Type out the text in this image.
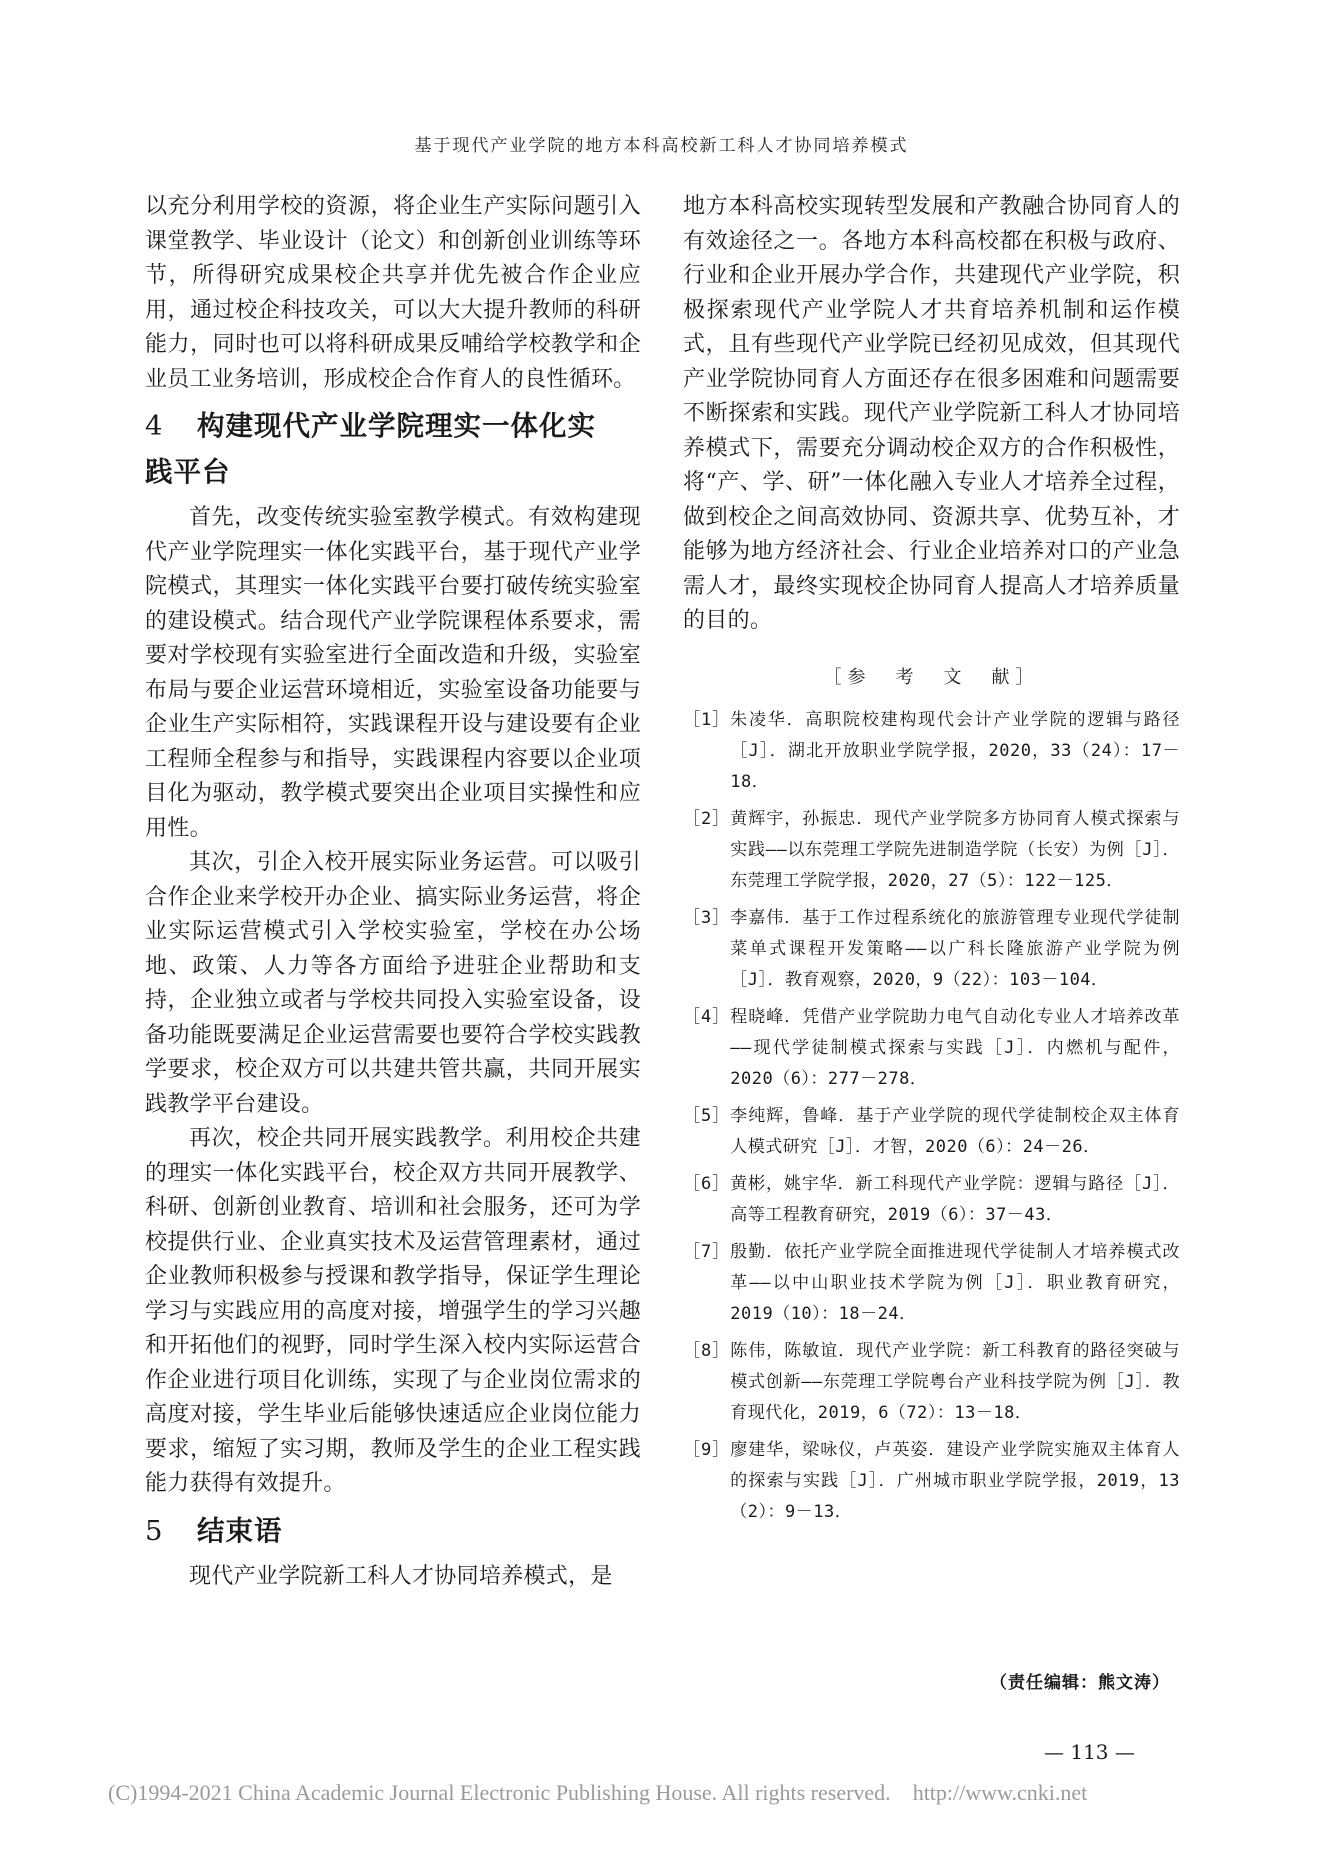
基于现代产业学院的地方本科高校新工科人才协同培养模式

以充分利用学校的资源，将企业生产实际问题引入课堂教学、毕业设计（论文）和创新创业训练等环节，所得研究成果校企共享并优先被合作企业应用，通过校企科技攻关，可以大大提升教师的科研能力，同时也可以将科研成果反哺给学校教学和企业员工业务培训，形成校企合作育人的良性循环。

4 构建现代产业学院理实一体化实
践平台

首先，改变传统实验室教学模式。有效构建现代产业学院理实一体化实践平台，基于现代产业学院模式，其理实一体化实践平台要打破传统实验室的建设模式。结合现代产业学院课程体系要求，需要对学校现有实验室进行全面改造和升级，实验室布局与要企业运营环境相近，实验室设备功能要与企业生产实际相符，实践课程开设与建设要有企业工程师全程参与和指导，实践课程内容要以企业项目化为驱动，教学模式要突出企业项目实操性和应用性。

其次，引企入校开展实际业务运营。可以吸引合作企业来学校开办企业、搞实际业务运营，将企业实际运营模式引入学校实验室，学校在办公场地、政策、人力等各方面给予进驻企业帮助和支持，企业独立或者与学校共同投入实验室设备，设备功能既要满足企业运营需要也要符合学校实践教学要求，校企双方可以共建共管共赢，共同开展实践教学平台建设。

再次，校企共同开展实践教学。利用校企共建的理实一体化实践平台，校企双方共同开展教学、科研、创新创业教育、培训和社会服务，还可为学校提供行业、企业真实技术及运营管理素材，通过企业教师积极参与授课和教学指导，保证学生理论学习与实践应用的高度对接，增强学生的学习兴趣和开拓他们的视野，同时学生深入校内实际运营合作企业进行项目化训练，实现了与企业岗位需求的高度对接，学生毕业后能够快速适应企业岗位能力要求，缩短了实习期，教师及学生的企业工程实践能力获得有效提升。

5 结束语

现代产业学院新工科人才协同培养模式，是

地方本科高校实现转型发展和产教融合协同育人的有效途径之一。各地方本科高校都在积极与政府、行业和企业开展办学合作，共建现代产业学院，积极探索现代产业学院人才共育培养机制和运作模式，且有些现代产业学院已经初见成效，但其现代产业学院协同育人方面还存在很多困难和问题需要不断探索和实践。现代产业学院新工科人才协同培养模式下，需要充分调动校企双方的合作积极性，将“产、学、研”一体化融入专业人才培养全过程，做到校企之间高效协同、资源共享、优势互补，才能够为地方经济社会、行业企业培养对口的产业急需人才，最终实现校企协同育人提高人才培养质量的目的。

［参　考　文　献］
［1］ 朱凌华．高职院校建构现代会计产业学院的逻辑与路径［J］．湖北开放职业学院学报，2020，33（24）：17－18．
［2］ 黄辉宇，孙振忠．现代产业学院多方协同育人模式探索与实践——以东莞理工学院先进制造学院（长安）为例［J］．东莞理工学院学报，2020，27（5）：122－125．
［3］ 李嘉伟．基于工作过程系统化的旅游管理专业现代学徒制菜单式课程开发策略——以广科长隆旅游产业学院为例［J］．教育观察，2020，9（22）：103－104．
［4］ 程晓峰．凭借产业学院助力电气自动化专业人才培养改革——现代学徒制模式探索与实践［J］．内燃机与配件，2020（6）：277－278．
［5］ 李纯辉，鲁峰．基于产业学院的现代学徒制校企双主体育人模式研究［J］．才智，2020（6）：24－26．
［6］ 黄彬，姚宇华．新工科现代产业学院：逻辑与路径［J］．高等工程教育研究，2019（6）：37－43．
［7］ 殷勤．依托产业学院全面推进现代学徒制人才培养模式改革——以中山职业技术学院为例［J］．职业教育研究，2019（10）：18－24．
［8］ 陈伟，陈敏谊．现代产业学院：新工科教育的路径突破与模式创新——东莞理工学院粤台产业科技学院为例［J］．教育现代化，2019，6（72）：13－18．
［9］ 廖建华，梁咏仪，卢英姿．建设产业学院实施双主体育人的探索与实践［J］．广州城市职业学院学报，2019，13（2）：9－13．
（责任编辑：熊文涛）
— 113 —
(C)1994-2021 China Academic Journal Electronic Publishing House. All rights reserved. http://www.cnki.net
